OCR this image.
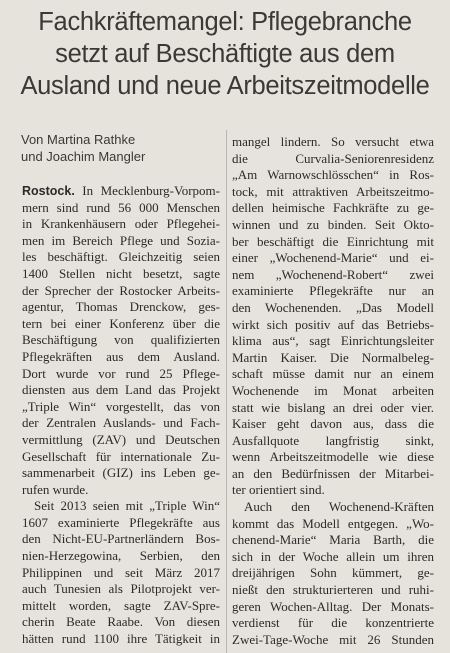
Fachkräftemangel: Pflegebranche
setzt auf Beschäftigte aus dem
Ausland und neue Arbeitszeitmodelle
Von Martina Rathke
und Joachim Mangler
Rostock. In Mecklenburg-Vorpom-
mern sind rund 56 000 Menschen
in Krankenhäusern oder Pflegehei-
men im Bereich Pflege und Sozia-
les beschäftigt. Gleichzeitig seien
1400 Stellen nicht besetzt, sagte
der Sprecher der Rostocker Arbeits-
agentur, Thomas Drenckow, ges-
tern bei einer Konferenz über die
Beschäftigung von qualifizierten
Pflegekräften aus dem Ausland.
Dort wurde vor rund 25 Pflege-
diensten aus dem Land das Projekt
„Triple Win“ vorgestellt, das von
der Zentralen Auslands- und Fach-
vermittlung (ZAV) und Deutschen
Gesellschaft für internationale Zu-
sammenarbeit (GIZ) ins Leben ge-
rufen wurde.
Seit 2013 seien mit „Triple Win“
1607 examinierte Pflegekräfte aus
den Nicht-EU-Partnerländern Bos-
nien-Herzegowina, Serbien, den
Philippinen und seit März 2017
auch Tunesien als Pilotprojekt ver-
mittelt worden, sagte ZAV-Spre-
cherin Beate Raabe. Von diesen
hätten rund 1100 ihre Tätigkeit in
mangel lindern. So versucht etwa
die Curvalia-Seniorenresidenz
„Am Warnowschlösschen“ in Ros-
tock, mit attraktiven Arbeitszeitmo-
dellen heimische Fachkräfte zu ge-
winnen und zu binden. Seit Okto-
ber beschäftigt die Einrichtung mit
einer „Wochenend-Marie“ und ei-
nem „Wochenend-Robert“ zwei
examinierte Pflegekräfte nur an
den Wochenenden. „Das Modell
wirkt sich positiv auf das Betriebs-
klima aus“, sagt Einrichtungsleiter
Martin Kaiser. Die Normalbeleg-
schaft müsse damit nur an einem
Wochenende im Monat arbeiten
statt wie bislang an drei oder vier.
Kaiser geht davon aus, dass die
Ausfallquote langfristig sinkt,
wenn Arbeitszeitmodelle wie diese
an den Bedürfnissen der Mitarbei-
ter orientiert sind.
Auch den Wochenend-Kräften
kommt das Modell entgegen. „Wo-
chenend-Marie“ Maria Barth, die
sich in der Woche allein um ihren
dreijährigen Sohn kümmert, ge-
nießt den strukturierteren und ruhi-
geren Wochen-Alltag. Der Monats-
verdienst für die konzentrierte
Zwei-Tage-Woche mit 26 Stunden
